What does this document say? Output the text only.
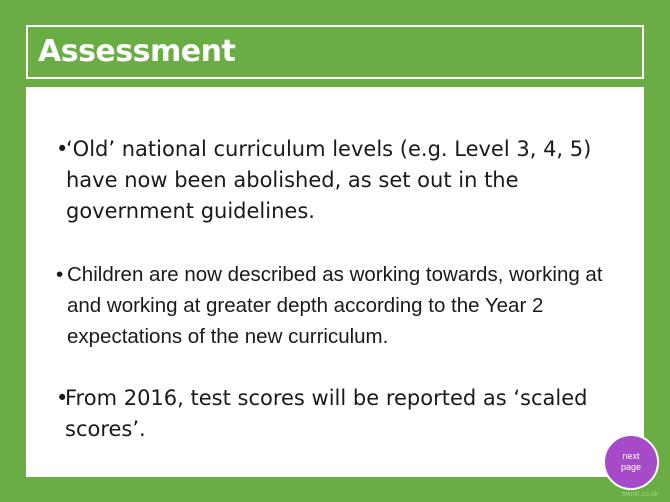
Assessment
•
‘Old’ national curriculum levels (e.g. Level 3, 4, 5) have now been abolished, as set out in the government guidelines.
• Children are now described as working towards, working at and working at greater depth according to the Year 2 expectations of the new curriculum.
•
From 2016, test scores will be reported as ‘scaled scores’.
next page
twinkl.co.uk
